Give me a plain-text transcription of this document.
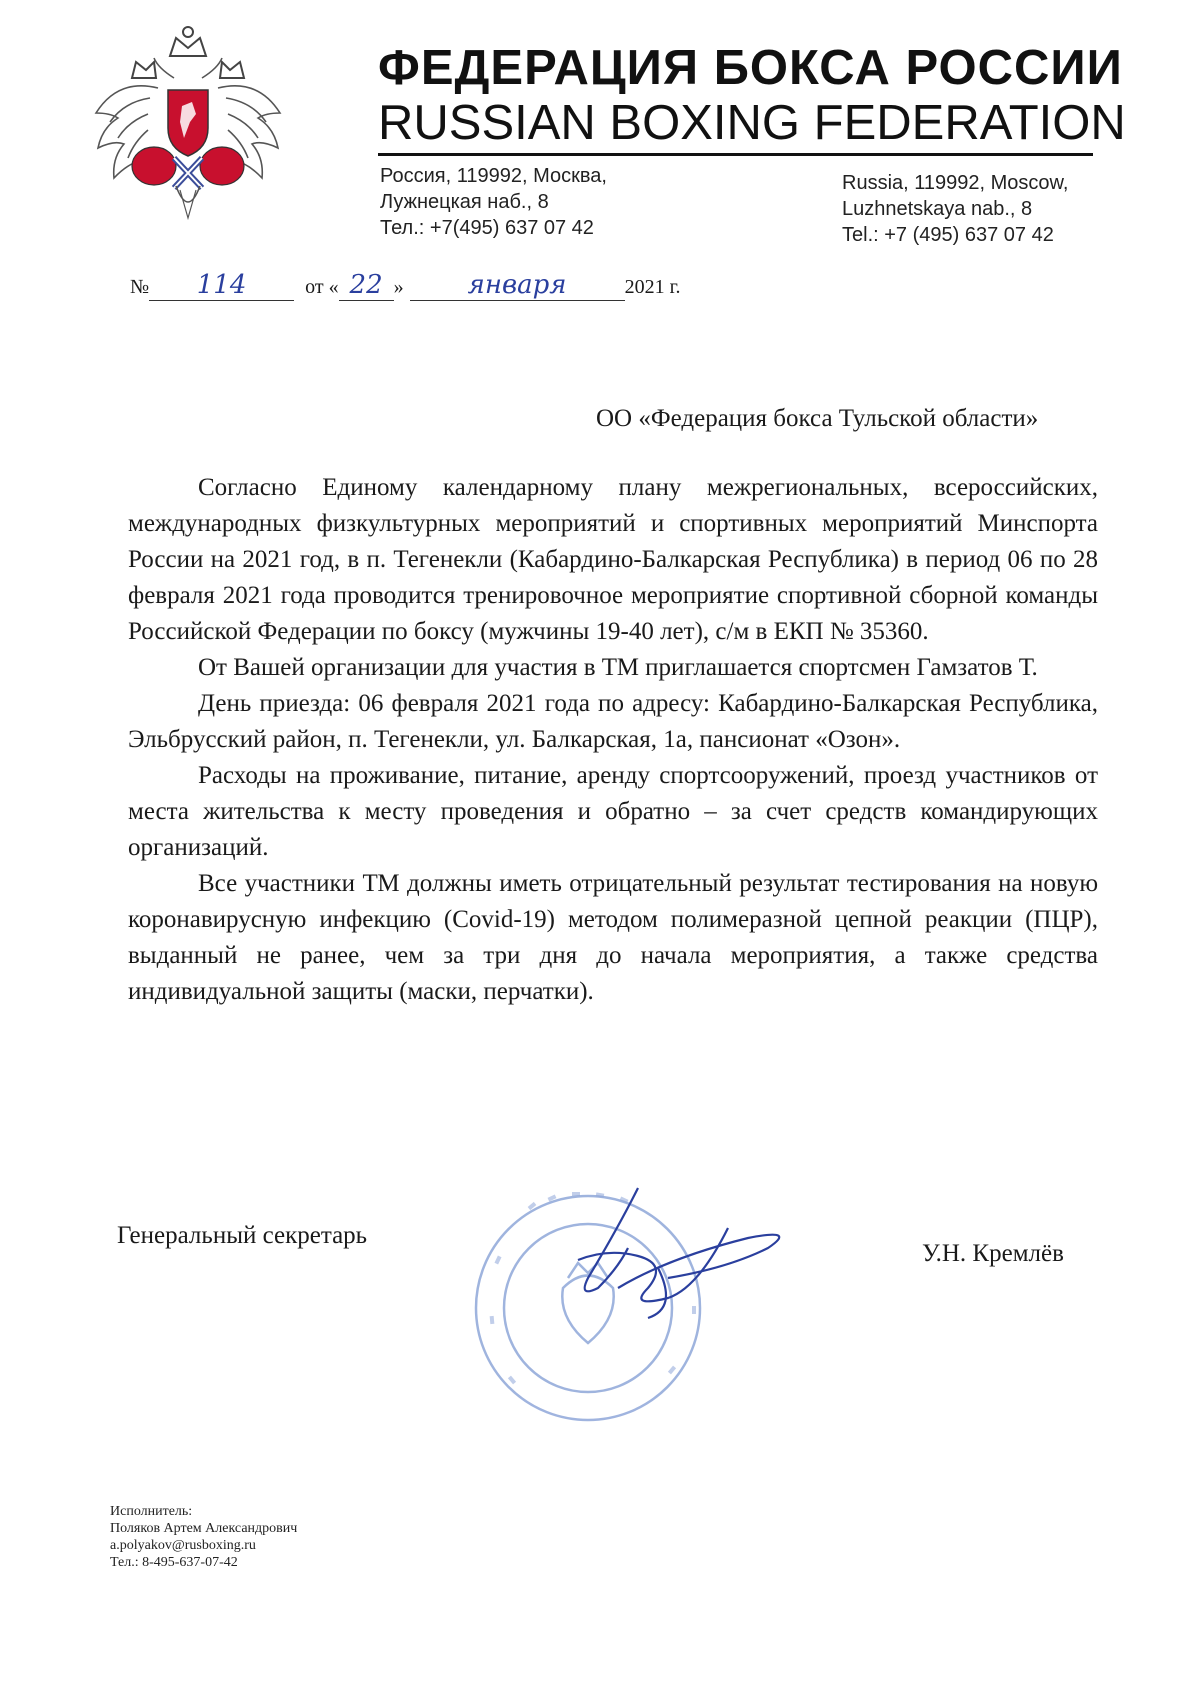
ФЕДЕРАЦИЯ БОКСА РОССИИ
RUSSIAN BOXING FEDERATION
Россия, 119992, Москва,
Лужнецкая наб., 8
Тел.: +7(495) 637 07 42
Russia, 119992, Moscow,
Luzhnetskaya nab., 8
Tel.: +7 (495) 637 07 42
№ 114	от « 22 » января	2021 г.
ОО «Федерация бокса Тульской области»

Согласно Единому календарному плану межрегиональных, всероссийских, международных физкультурных мероприятий и спортивных мероприятий Минспорта России на 2021 год, в п. Тегенекли (Кабардино-Балкарская Республика) в период 06 по 28 февраля 2021 года проводится тренировочное мероприятие спортивной сборной команды Российской Федерации по боксу (мужчины 19-40 лет), с/м в ЕКП № 35360.

От Вашей организации для участия в ТМ приглашается спортсмен Гамзатов Т.

День приезда: 06 февраля 2021 года по адресу: Кабардино-Балкарская Республика, Эльбрусский район, п. Тегенекли, ул. Балкарская, 1а, пансионат «Озон».

Расходы на проживание, питание, аренду спортсооружений, проезд участников от места жительства к месту проведения и обратно – за счет средств командирующих организаций.

Все участники ТМ должны иметь отрицательный результат тестирования на новую коронавирусную инфекцию (Covid-19) методом полимеразной цепной реакции (ПЦР), выданный не ранее, чем за три дня до начала мероприятия, а также средства индивидуальной защиты (маски, перчатки).

Генеральный секретарь
У.Н. Кремлёв
Исполнитель:
Поляков Артем Александрович
a.polyakov@rusboxing.ru
Тел.: 8-495-637-07-42
